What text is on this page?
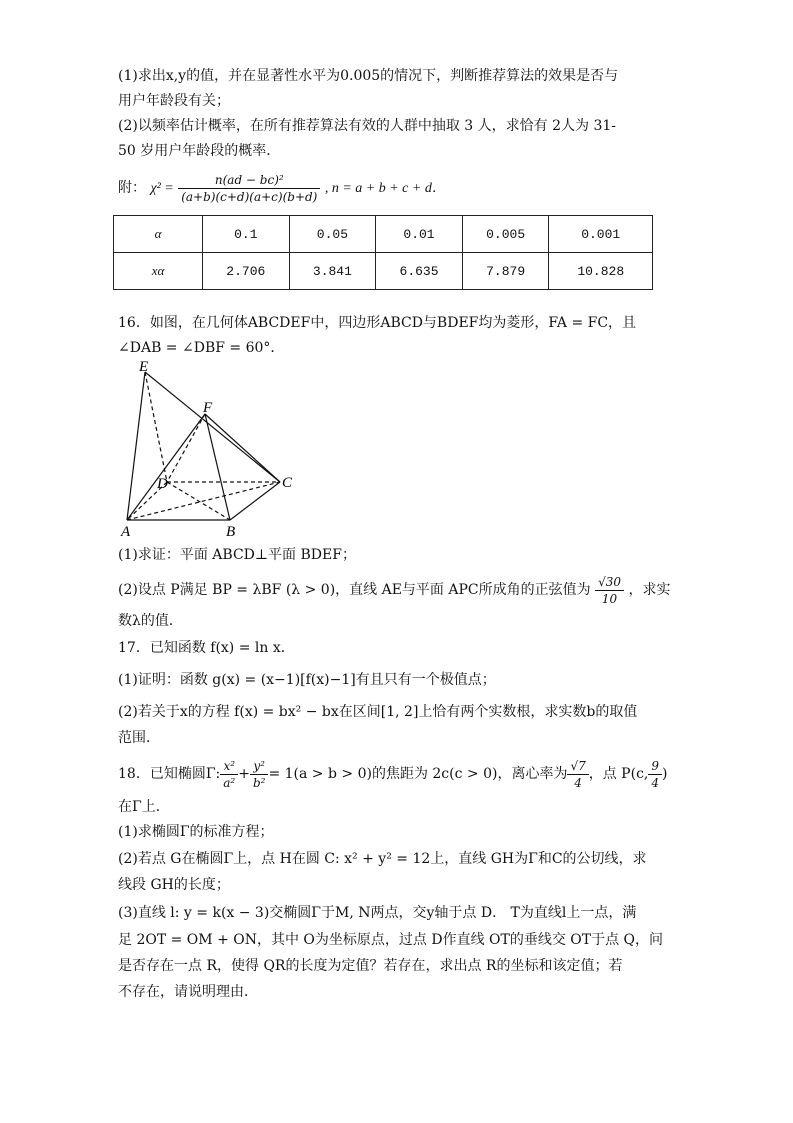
(1)求出x,y的值，并在显著性水平为0.005的情况下，判断推荐算法的效果是否与
用户年龄段有关；
(2)以频率估计概率，在所有推荐算法有效的人群中抽取 3 人，求恰有 2人为 31-
50 岁用户年龄段的概率．
附： $\chi^2 = \frac{\text{n(ad − bc)²}}{(a+b)(c+d)(a+c)(b+d)}$ , n = a + b + c + d．
α	0.1	0.05	0.01	0.005	0.001
xα	2.706	3.841	6.635	7.879	10.828
16．如图，在几何体ABCDEF中，四边形ABCD与BDEF均为菱形，FA = FC，且
∠DAB = ∠DBF = 60°．
E
F
D	C
A	B
(1)求证：平面 ABCD⊥平面 BDEF；
(2)设点 P满足 BP = λBF (λ > 0)，直线 AE与平面 APC所成角的正弦值为 $\frac{√30}{10}$ ，求实
数λ的值．
17．已知函数 f(x) = ln x．
(1)证明：函数 g(x) = (x−1)[f(x)−1]有且只有一个极值点；
(2)若关于x的方程 f(x) = bx² − bx在区间[1, 2]上恰有两个实数根，求实数b的取值
范围．
18．已知椭圆Γ: $\frac{\text{x²}}{\text{a²}} + \frac{\text{y²}}{\text{b²}} = 1(a > b > 0)$的焦距为 2c(c > 0)，离心率为 $\frac{√7}{4}$ ，点 P(c, $\frac{9}{4}$ )
在Γ上．
(1)求椭圆Γ的标准方程；
(2)若点 G在椭圆Γ上，点 H在圆 C: x² + y² = 12上，直线 GH为Γ和C的公切线，求
线段 GH的长度；
(3)直线 l: y = k(x − 3)交椭圆Γ于M, N两点，交y轴于点 D． T为直线l上一点，满
足 2OT = OM + ON，其中 O为坐标原点，过点 D作直线 OT的垂线交 OT于点 Q，问
是否存在一点 R，使得 QR的长度为定值？若存在，求出点 R的坐标和该定值；若
不存在，请说明理由．
